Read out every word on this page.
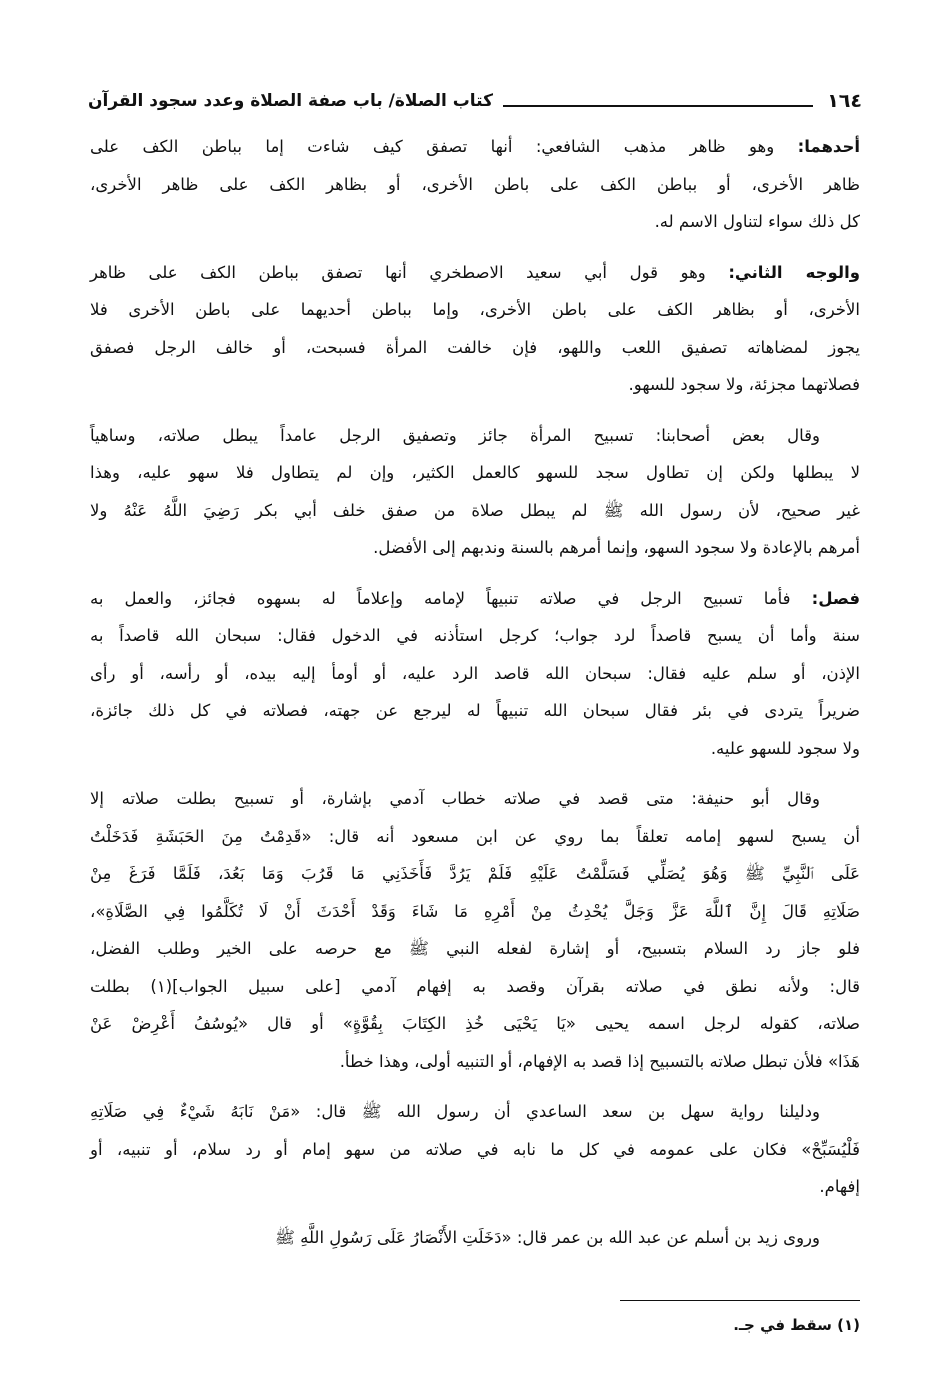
١٦٤
كتاب الصلاة/ باب صفة الصلاة وعدد سجود القرآن
أحدهما: وهو ظاهر مذهب الشافعي: أنها تصفق كيف شاءت إما بباطن الكف على
ظاهر الأخرى، أو بباطن الكف على باطن الأخرى، أو بظاهر الكف على ظاهر الأخرى،
كل ذلك سواء لتناول الاسم له.
والوجه الثاني: وهو قول أبي سعيد الاصطخري أنها تصفق بباطن الكف على ظاهر
الأخرى، أو بظاهر الكف على باطن الأخرى، وإما بباطن أحديهما على باطن الأخرى فلا
يجوز لمضاهاته تصفيق اللعب واللهو، فإن خالفت المرأة فسبحت، أو خالف الرجل فصفق
فصلاتهما مجزئة، ولا سجود للسهو.
وقال بعض أصحابنا: تسبيح المرأة جائز وتصفيق الرجل عامداً يبطل صلاته، وساهياً
لا يبطلها ولكن إن تطاول سجد للسهو كالعمل الكثير، وإن لم يتطاول فلا سهو عليه، وهذا
غير صحيح، لأن رسول الله ﷺ لم يبطل صلاة من صفق خلف أبي بكر رَضِيَ اللَّهُ عَنْهُ ولا
أمرهم بالإعادة ولا سجود السهو، وإنما أمرهم بالسنة وندبهم إلى الأفضل.
فصل: فأما تسبيح الرجل في صلاته تنبيهاً لإمامه وإعلاماً له بسهوه فجائز، والعمل به
سنة وأما أن يسبح قاصداً لرد جواب؛ كرجل استأذنه في الدخول فقال: سبحان الله قاصداً به
الإذن، أو سلم عليه فقال: سبحان الله قاصد الرد عليه، أو أومأ إليه بيده، أو رأسه، أو رأى
ضريراً يتردى في بئر فقال سبحان الله تنبيهاً له ليرجع عن جهته، فصلاته في كل ذلك جائزة،
ولا سجود للسهو عليه.
وقال أبو حنيفة: متى قصد في صلاته خطاب آدمي بإشارة، أو تسبيح بطلت صلاته إلا
أن يسبح لسهو إمامه تعلقاً بما روي عن ابن مسعود أنه قال: «قَدِمْتُ مِنَ الحَبَشَةِ فَدَخَلْتُ
عَلَى ٱلنَّبِيِّ ﷺ وَهُوَ يُصَلِّي فَسَلَّمْتُ عَلَيْهِ فَلَمْ يَرُدَّ فَأَخَذَنِي مَا قَرُبَ وَمَا بَعُدَ، فَلَمَّا فَرَغَ مِنْ
صَلَاتِهِ قَالَ إِنَّ ٱللَّهَ عَزَّ وَجَلَّ يُحْدِثُ مِنْ أَمْرِهِ مَا شَاءَ وَقَدْ أَحْدَثَ أَنْ لَا تُكَلَّمُوا فِي الصَّلَاةِ»،
فلو جاز رد السلام بتسبيح، أو إشارة لفعله النبي ﷺ مع حرصه على الخير وطلب الفضل،
قال: ولأنه نطق في صلاته بقرآن وقصد به إفهام آدمي [على سبيل الجواب](١) بطلت
صلاته، كقوله لرجل اسمه يحيى «يَا يَحْيَى خُذِ الكِتَابَ بِقُوَّةٍ» أو قال «يُوسُفُ أَعْرِضْ عَنْ
هَذَا» فلأن تبطل صلاته بالتسبيح إذا قصد به الإفهام، أو التنبيه أولى، وهذا خطأ.
ودليلنا رواية سهل بن سعد الساعدي أن رسول الله ﷺ قال: «مَنْ نَابَهُ شَيْءٌ فِي صَلَاتِهِ
فَلْيُسَبِّحْ» فكان على عمومه في كل ما نابه في صلاته من سهو إمام أو رد سلام، أو تنبيه، أو
إفهام.
وروى زيد بن أسلم عن عبد الله بن عمر قال: «دَخَلَتِ الأَنْصَارُ عَلَى رَسُولِ اللَّهِ ﷺ
(١) سقط في جـ.
